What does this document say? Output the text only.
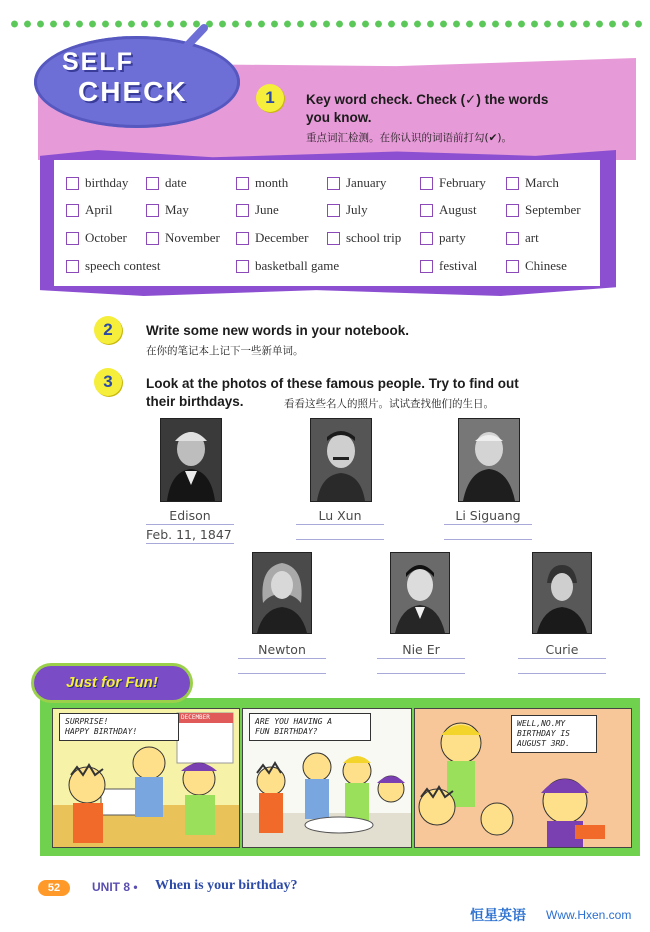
SELF
CHECK	1	Key word check. Check (✓) the words
you know.
重点词汇检测。在你认识的词语前打勾(✔)。
birthday	date	month	January	February	March
April	May	June	July	August	September
October	November	December	school trip	party	art
speech contest	basketball game	festival	Chinese
2	Write some new words in your notebook.
在你的笔记本上记下一些新单词。
3	Look at the photos of these famous people. Try to find out
their birthdays.	看看这些名人的照片。试试查找他们的生日。
Edison
Feb. 11, 1847
Lu Xun	Li Siguang
Newton	Nie Er	Curie
SURPRISE!
HAPPY BIRTHDAY!
DECEMBER	ARE YOU HAVING A
FUN BIRTHDAY?
WELL,NO.MY
BIRTHDAY IS
AUGUST 3RD.
Just for Fun!
52	UNIT 8 • When is your birthday?
恒星英语 Www.Hxen.com
